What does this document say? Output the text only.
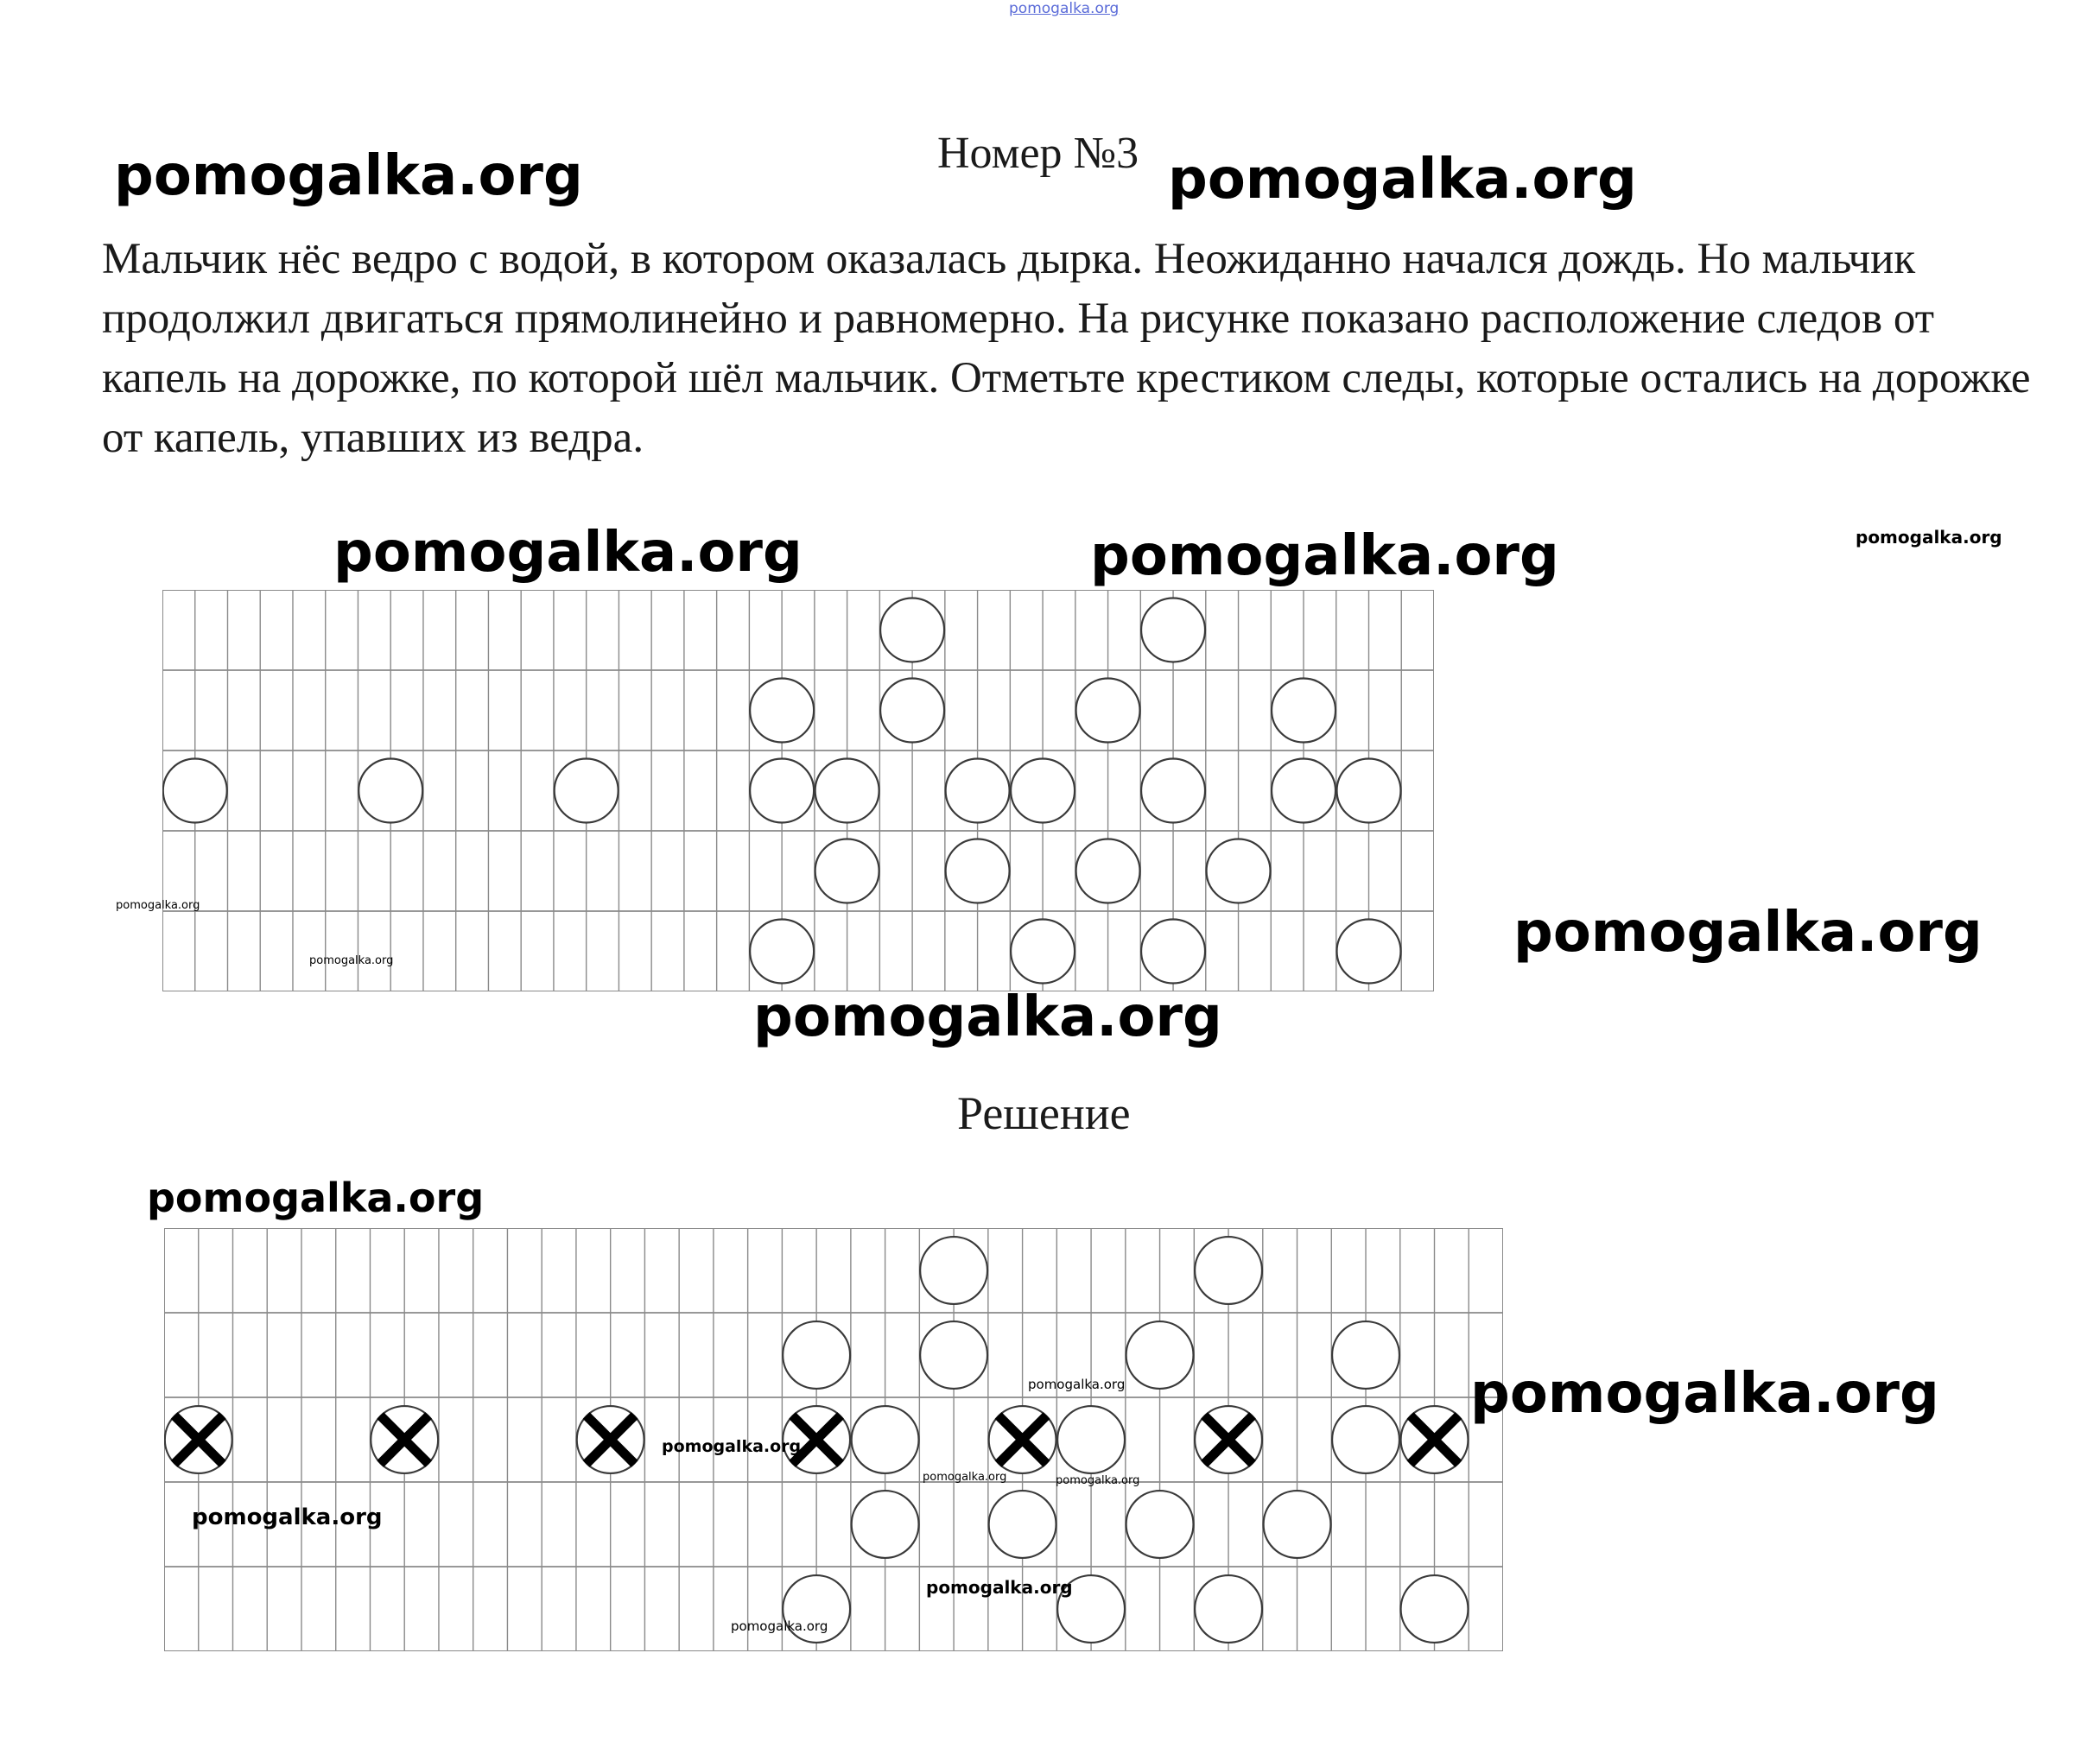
pomogalka.org
pomogalka.org	Номер №3 pomogalka.org

Мальчик нёс ведро с водой, в котором оказалась дырка. Неожиданно начался дождь. Но мальчик продолжил двигаться прямолинейно и равномерно. На рисунке показано расположение следов от капель на дорожке, по которой шёл мальчик. Отметьте крестиком следы, которые остались на дорожке от капель, упавших из ведра.

pomogalka.org	pomogalka.org	pomogalka.org
pomogalka.org
pomogalka.org	pomogalka.org
pomogalka.org
Решение
pomogalka.org
pomogalka.org
pomogalka.org
pomogalka.org
pomogalka.org	pomogalka.org
pomogalka.org
pomogalka.org
pomogalka.org
